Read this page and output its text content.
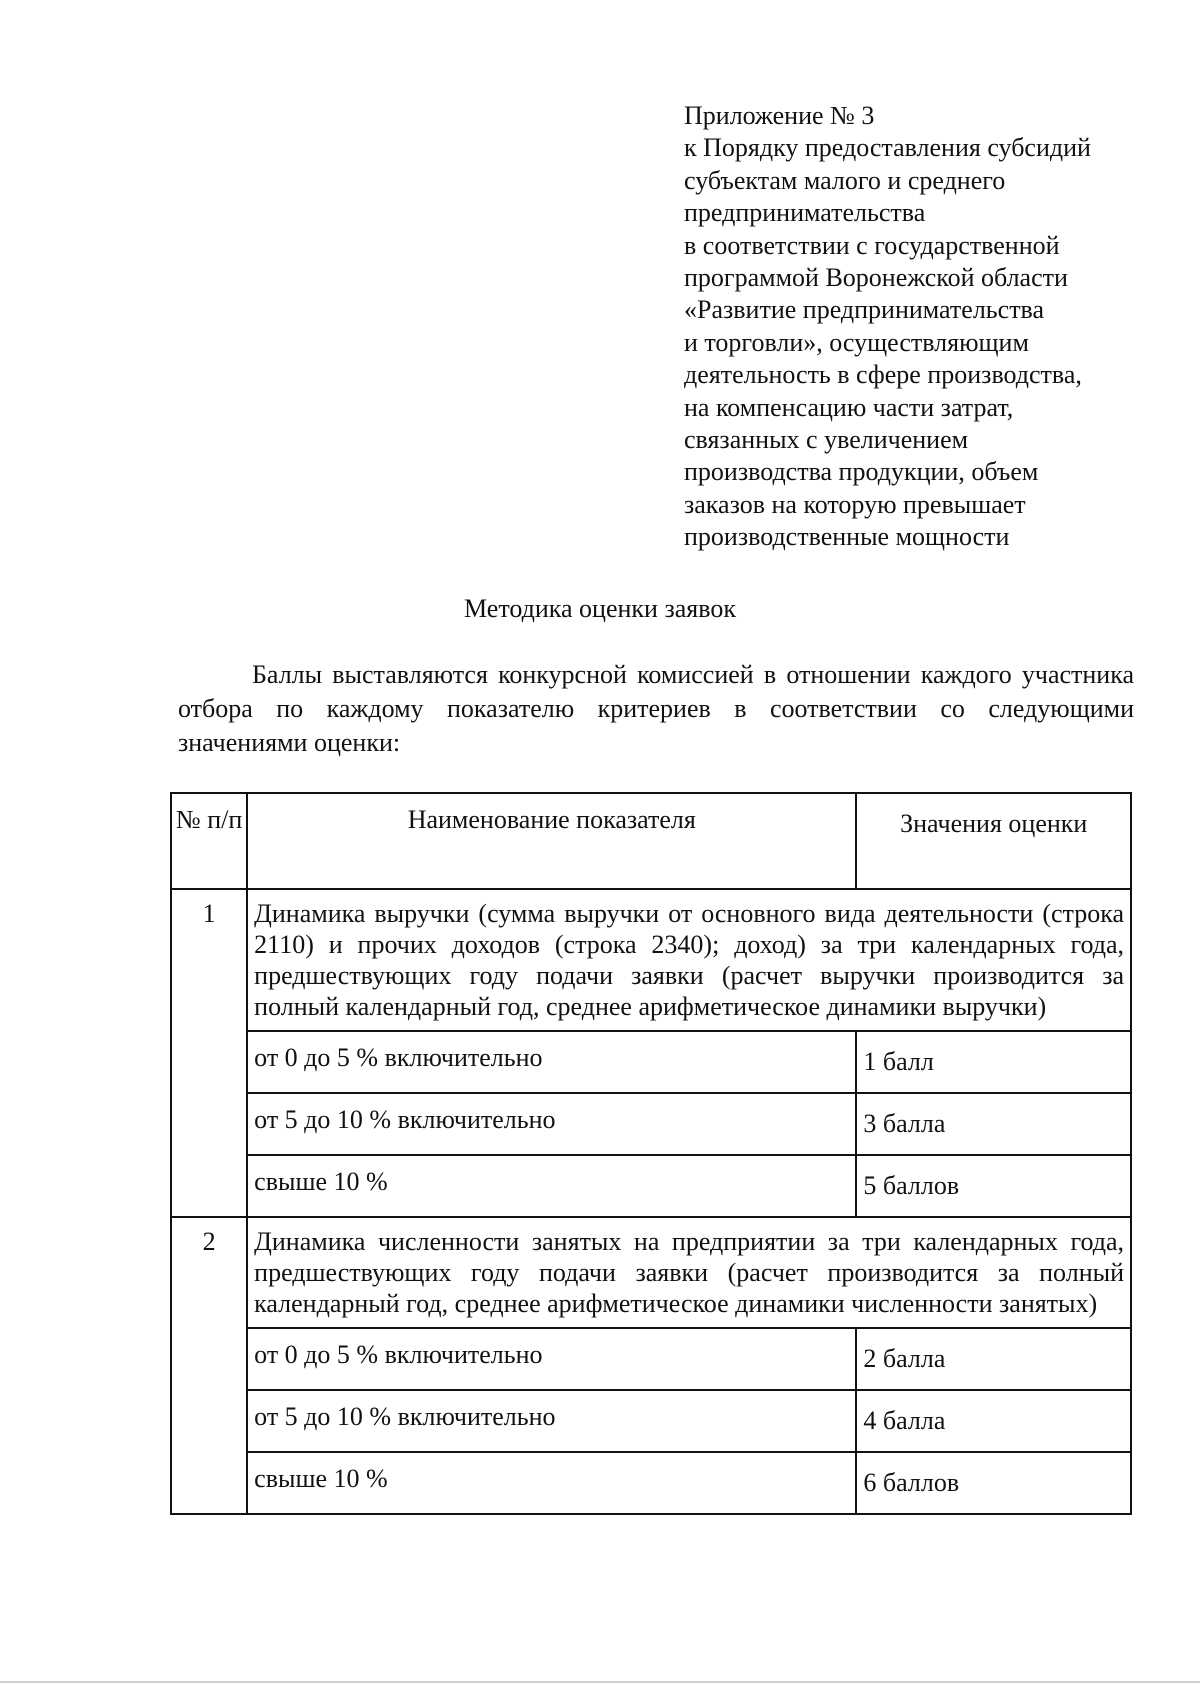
Приложение № 3
к Порядку предоставления субсидий
субъектам малого и среднего
предпринимательства
в соответствии с государственной
программой Воронежской области
«Развитие предпринимательства
и торговли», осуществляющим
деятельность в сфере производства,
на компенсацию части затрат,
связанных с увеличением
производства продукции, объем
заказов на которую превышает
производственные мощности
Методика оценки заявок
Баллы выставляются конкурсной комиссией в отношении каждого участника отбора по каждому показателю критериев в соответствии со следующими значениями оценки:
№ п/п	Наименование показателя	Значения оценки
1	Динамика выручки (сумма выручки от основного вида деятельности (строка 2110) и прочих доходов (строка 2340); доход) за три календарных года, предшествующих году подачи заявки (расчет выручки производится за полный календарный год, среднее арифметическое динамики выручки)	
	от 0 до 5 % включительно	1 балл
	от 5 до 10 % включительно	3 балла
	свыше 10 %	5 баллов
2	Динамика численности занятых на предприятии за три календарных года, предшествующих году подачи заявки (расчет производится за полный календарный год, среднее арифметическое динамики численности занятых)	
	от 0 до 5 % включительно	2 балла
	от 5 до 10 % включительно	4 балла
	свыше 10 %	6 баллов
